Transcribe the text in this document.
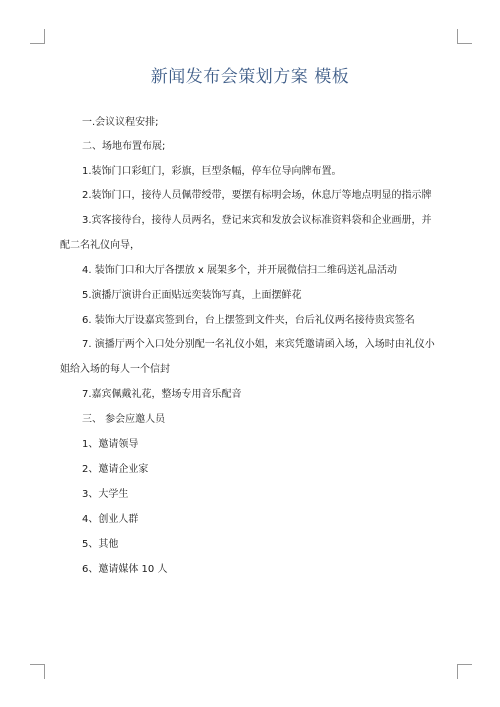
新闻发布会策划方案 模板
一.会议议程安排;
二、场地布置布展;
1.装饰门口彩虹门，彩旗，巨型条幅，停车位导向牌布置。
2.装饰门口，接待人员佩带绶带，要摆有标明会场，休息厅等地点明显的指示牌
3.宾客接待台，接待人员两名，登记来宾和发放会议标准资料袋和企业画册，并
配二名礼仪向导，
4. 装饰门口和大厅各摆放 x 展架多个，并开展微信扫二维码送礼品活动
5.演播厅演讲台正面贴远奕装饰写真，上面摆鲜花
6. 装饰大厅设嘉宾签到台，台上摆签到文件夹，台后礼仪两名接待贵宾签名
7. 演播厅两个入口处分别配一名礼仪小姐，来宾凭邀请函入场，入场时由礼仪小
姐给入场的每人一个信封
7.嘉宾佩戴礼花，整场专用音乐配音
三、 参会应邀人员
1、邀请领导
2、邀请企业家
3、大学生
4、创业人群
5、其他
6、邀请媒体 10 人
